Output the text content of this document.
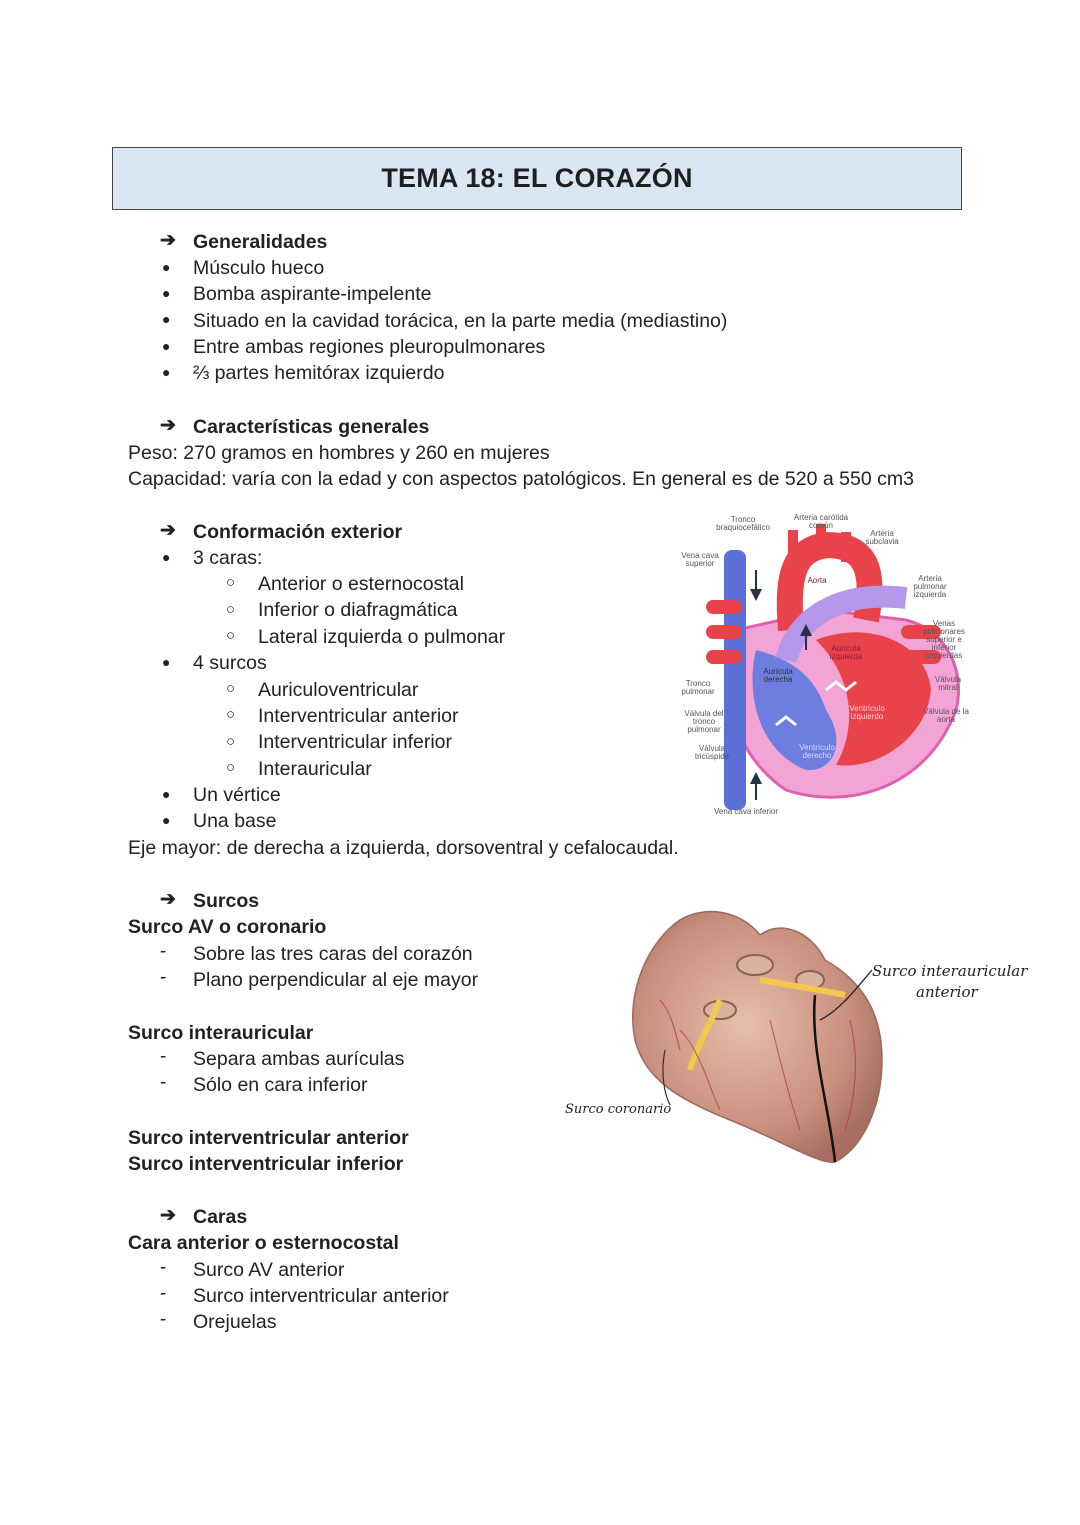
TEMA 18: EL CORAZÓN
➔ Generalidades
● Músculo hueco
● Bomba aspirante-impelente
● Situado en la cavidad torácica, en la parte media (mediastino)
● Entre ambas regiones pleuropulmonares
● ⅔ partes hemitórax izquierdo
➔ Características generales
Peso: 270 gramos en hombres y 260 en mujeres
Capacidad: varía con la edad y con aspectos patológicos. En general es de 520 a 550 cm3
➔ Conformación exterior
● 3 caras:
○ Anterior o esternocostal
○ Inferior o diafragmática
○ Lateral izquierda o pulmonar
● 4 surcos
○ Auriculoventricular
○ Interventricular anterior
○ Interventricular inferior
○ Interauricular
● Un vértice
● Una base
Eje mayor: de derecha a izquierda, dorsoventral y cefalocaudal.
Tronco braquiocefálico
Arteria carótida común
Arteria subclavia
Vena cava superior
Aorta	Arteria pulmonar izquierda
Venas pulmonares superior e inferior izquierdas
Aurícula izquierda
Aurícula derecha
Tronco pulmonar
Válvula mitral
Válvula del tronco pulmonar
Ventrículo izquierdo
Válvula de la aorta
Válvula tricúspide
Ventrículo derecho
Vena cava inferior
➔ Surcos
Surco AV o coronario
- Sobre las tres caras del corazón
- Plano perpendicular al eje mayor
Surco interauricular
- Separa ambas aurículas
- Sólo en cara inferior
Surco interventricular anterior
Surco interventricular inferior
Surco interauricular
anterior
Surco coronario
➔ Caras
Cara anterior o esternocostal
- Surco AV anterior
- Surco interventricular anterior
- Orejuelas
